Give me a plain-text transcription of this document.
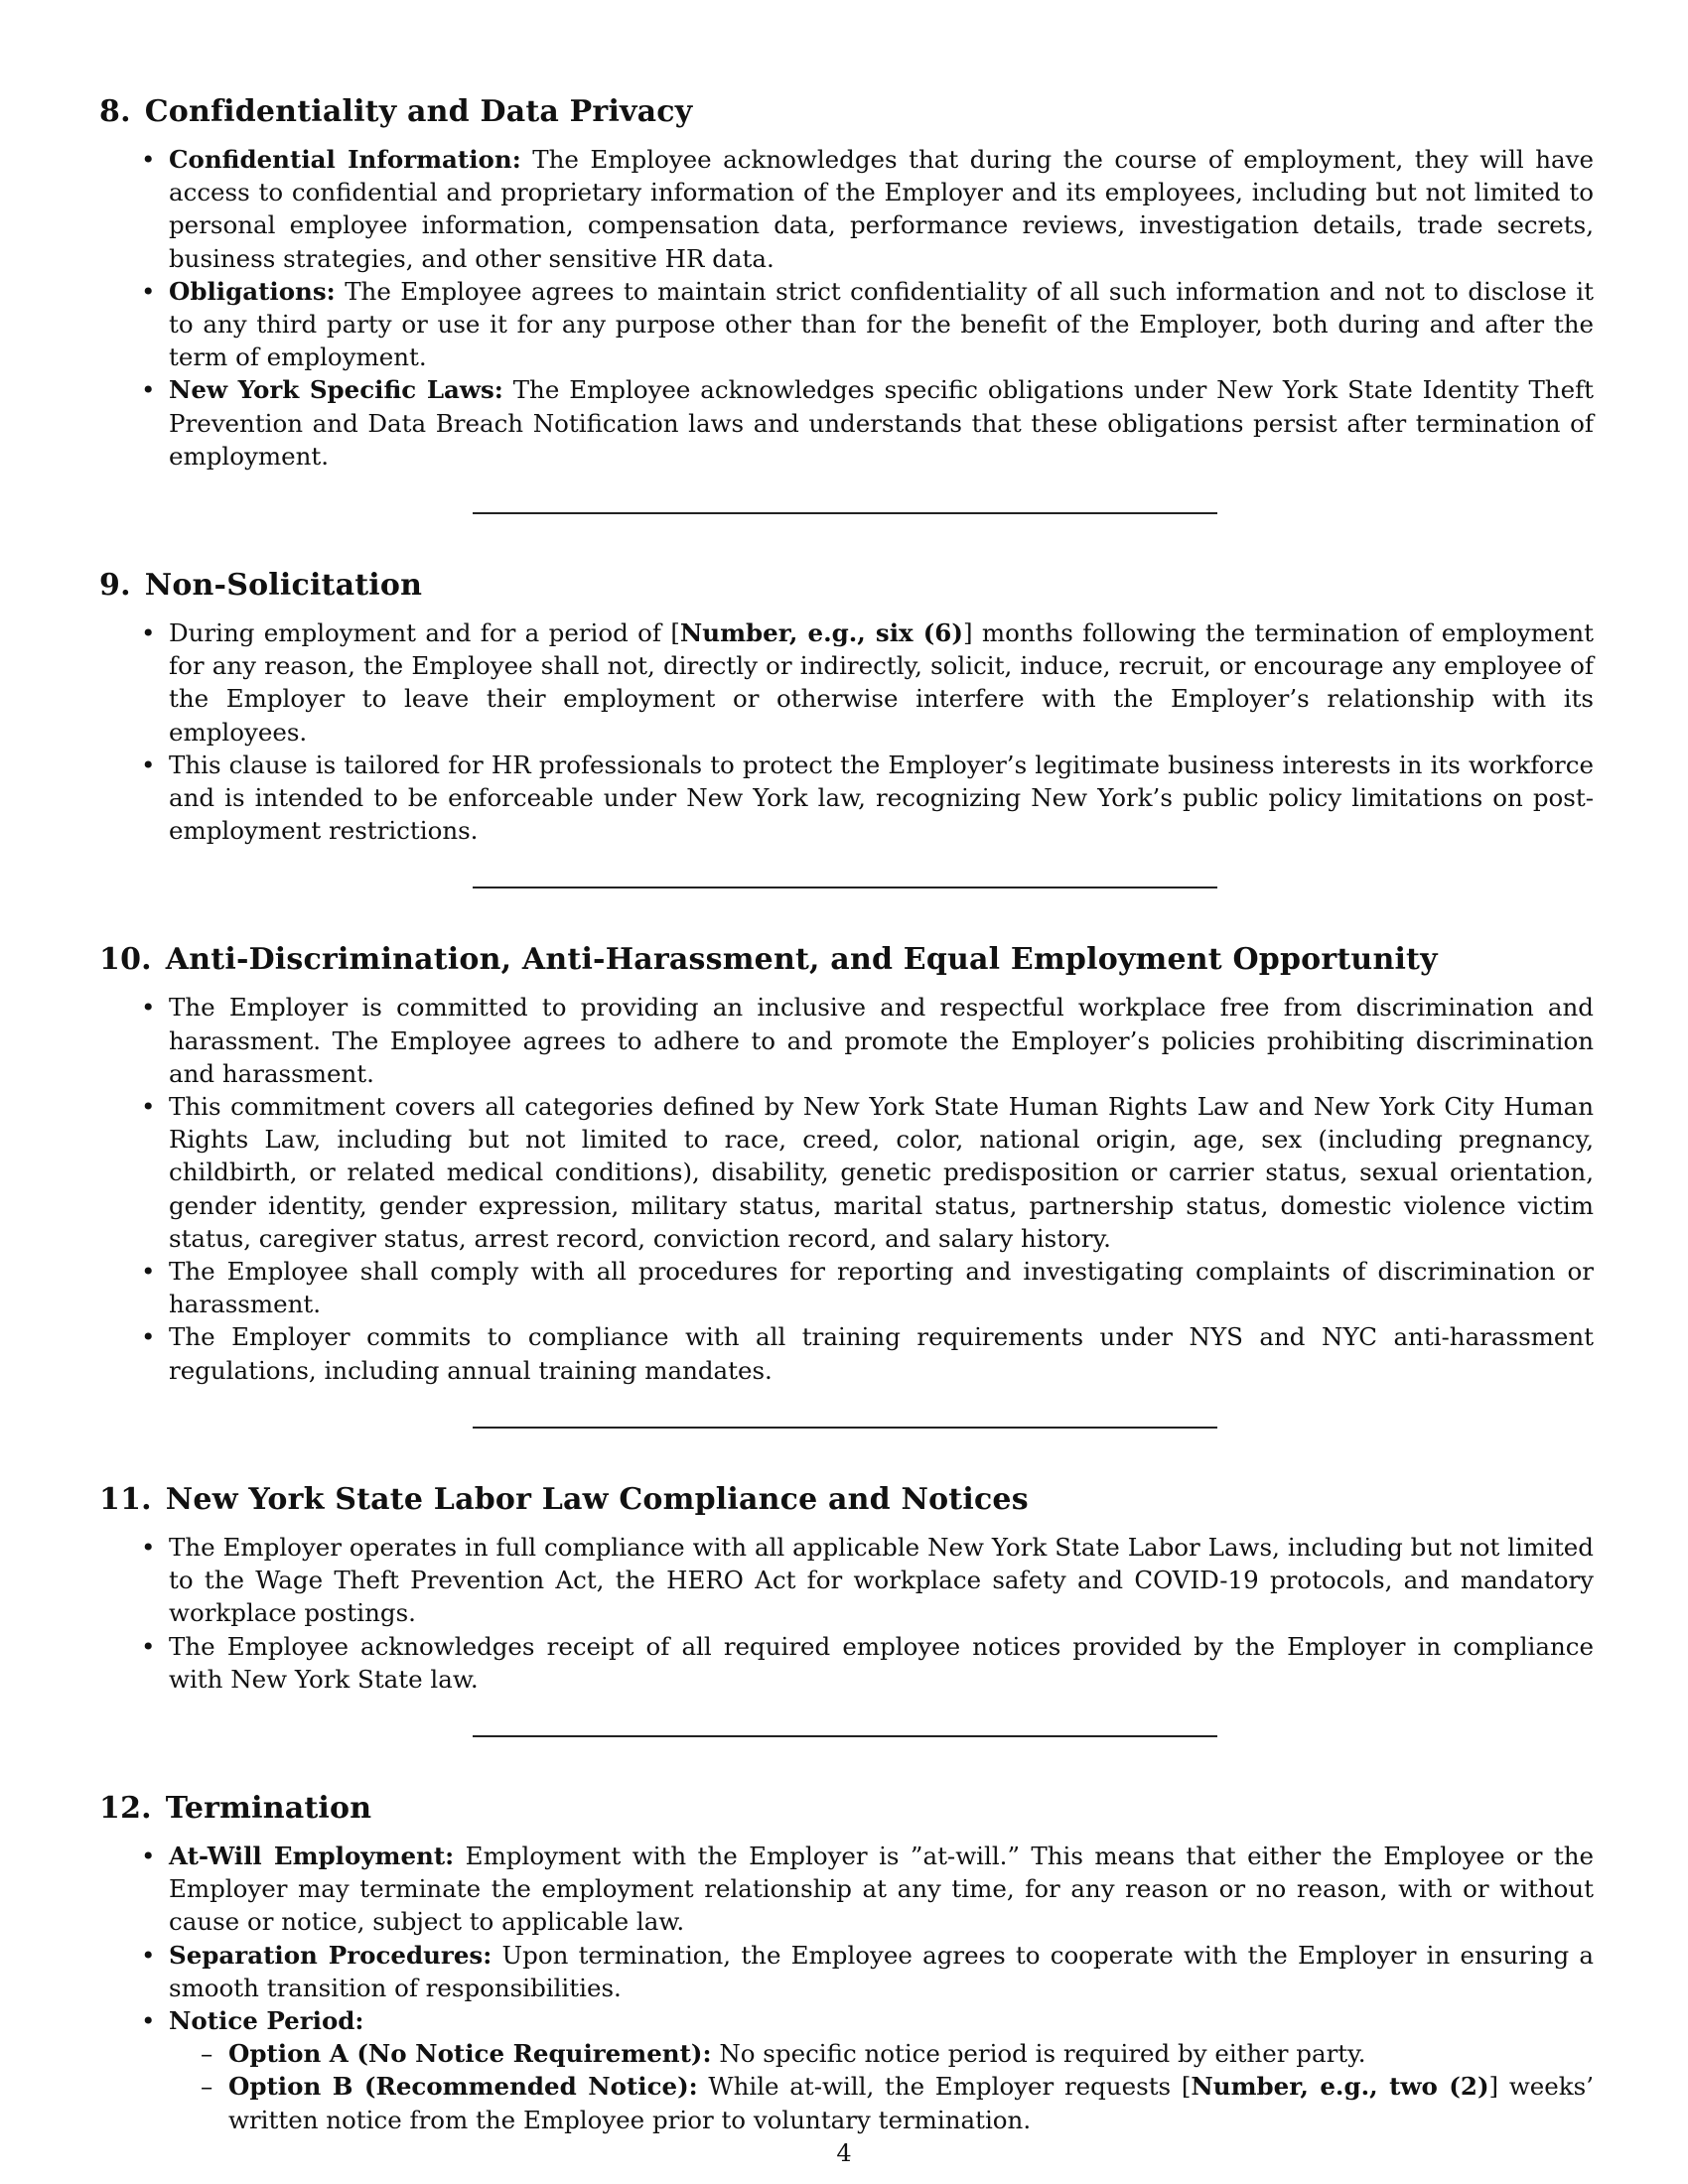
8. Confidentiality and Data Privacy
• Confidential Information: The Employee acknowledges that during the course of employment, they will have access to confidential and proprietary information of the Employer and its employees, including but not limited to personal employee information, compensation data, performance reviews, investigation details, trade secrets, business strategies, and other sensitive HR data.
• Obligations: The Employee agrees to maintain strict confidentiality of all such information and not to disclose it to any third party or use it for any purpose other than for the benefit of the Employer, both during and after the term of employment.
• New York Specific Laws: The Employee acknowledges specific obligations under New York State Identity Theft Prevention and Data Breach Notification laws and understands that these obligations persist after termination of employment.
9. Non-Solicitation
• During employment and for a period of [Number, e.g., six (6)] months following the termination of employment for any reason, the Employee shall not, directly or indirectly, solicit, induce, recruit, or encourage any employee of the Employer to leave their employment or otherwise interfere with the Employer’s relationship with its employees.
• This clause is tailored for HR professionals to protect the Employer’s legitimate business interests in its workforce and is intended to be enforceable under New York law, recognizing New York’s public policy limitations on post-employment restrictions.
10. Anti-Discrimination, Anti-Harassment, and Equal Employment Opportunity
• The Employer is committed to providing an inclusive and respectful workplace free from discrimination and harassment. The Employee agrees to adhere to and promote the Employer’s policies prohibiting discrimination and harassment.
• This commitment covers all categories defined by New York State Human Rights Law and New York City Human Rights Law, including but not limited to race, creed, color, national origin, age, sex (including pregnancy, childbirth, or related medical conditions), disability, genetic predisposition or carrier status, sexual orientation, gender identity, gender expression, military status, marital status, partnership status, domestic violence victim status, caregiver status, arrest record, conviction record, and salary history.
• The Employee shall comply with all procedures for reporting and investigating complaints of discrimination or harassment.
• The Employer commits to compliance with all training requirements under NYS and NYC anti-harassment regulations, including annual training mandates.
11. New York State Labor Law Compliance and Notices
• The Employer operates in full compliance with all applicable New York State Labor Laws, including but not limited to the Wage Theft Prevention Act, the HERO Act for workplace safety and COVID-19 protocols, and mandatory workplace postings.
• The Employee acknowledges receipt of all required employee notices provided by the Employer in compliance with New York State law.
12. Termination
• At-Will Employment: Employment with the Employer is ”at-will.” This means that either the Employee or the Employer may terminate the employment relationship at any time, for any reason or no reason, with or without cause or notice, subject to applicable law.
• Separation Procedures: Upon termination, the Employee agrees to cooperate with the Employer in ensuring a smooth transition of responsibilities.
• Notice Period:
– Option A (No Notice Requirement): No specific notice period is required by either party.
– Option B (Recommended Notice): While at-will, the Employer requests [Number, e.g., two (2)] weeks’ written notice from the Employee prior to voluntary termination.
4
